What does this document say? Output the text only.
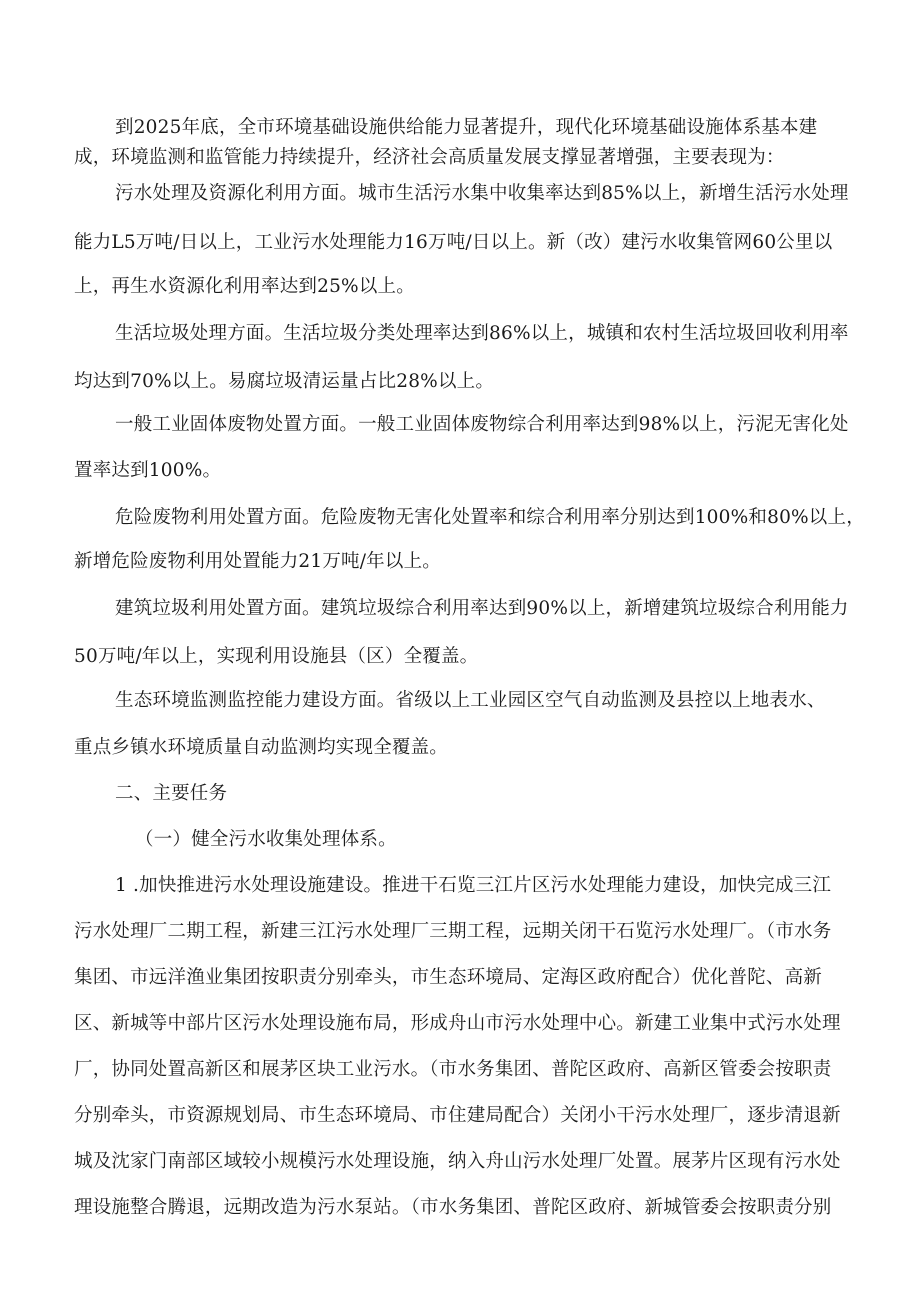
到2025年底，全市环境基础设施供给能力显著提升，现代化环境基础设施体系基本建
成，环境监测和监管能力持续提升，经济社会高质量发展支撑显著增强，主要表现为：
污水处理及资源化利用方面。城市生活污水集中收集率达到85%以上，新增生活污水处理
能力L5万吨/日以上，工业污水处理能力16万吨/日以上。新（改）建污水收集管网60公里以
上，再生水资源化利用率达到25%以上。
生活垃圾处理方面。生活垃圾分类处理率达到86%以上，城镇和农村生活垃圾回收利用率
均达到70%以上。易腐垃圾清运量占比28%以上。
一般工业固体废物处置方面。一般工业固体废物综合利用率达到98%以上，污泥无害化处
置率达到100%。
危险废物利用处置方面。危险废物无害化处置率和综合利用率分别达到100%和80%以上，
新增危险废物利用处置能力21万吨/年以上。
建筑垃圾利用处置方面。建筑垃圾综合利用率达到90%以上，新增建筑垃圾综合利用能力
50万吨/年以上，实现利用设施县（区）全覆盖。
生态环境监测监控能力建设方面。省级以上工业园区空气自动监测及县控以上地表水、
重点乡镇水环境质量自动监测均实现全覆盖。
二、主要任务
（一）健全污水收集处理体系。
1 .加快推进污水处理设施建设。推进干石览三江片区污水处理能力建设，加快完成三江
污水处理厂二期工程，新建三江污水处理厂三期工程，远期关闭干石览污水处理厂。（市水务
集团、市远洋渔业集团按职责分别牵头，市生态环境局、定海区政府配合）优化普陀、高新
区、新城等中部片区污水处理设施布局，形成舟山市污水处理中心。新建工业集中式污水处理
厂，协同处置高新区和展茅区块工业污水。（市水务集团、普陀区政府、高新区管委会按职责
分别牵头，市资源规划局、市生态环境局、市住建局配合）关闭小干污水处理厂，逐步清退新
城及沈家门南部区域较小规模污水处理设施，纳入舟山污水处理厂处置。展茅片区现有污水处
理设施整合腾退，远期改造为污水泵站。（市水务集团、普陀区政府、新城管委会按职责分别
